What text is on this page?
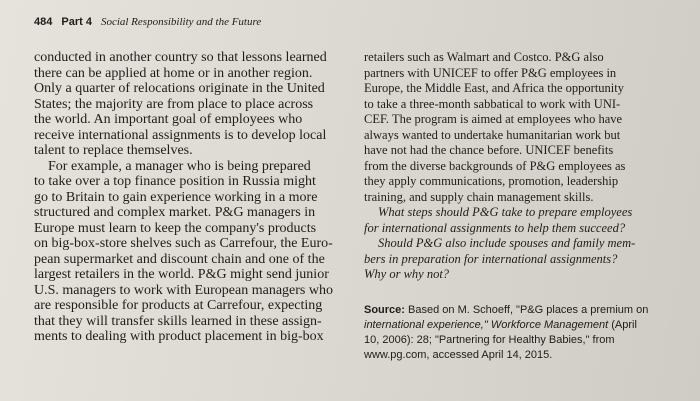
484 Part 4 Social Responsibility and the Future

conducted in another country so that lessons learned
there can be applied at home or in another region.
Only a quarter of relocations originate in the United
States; the majority are from place to place across
the world. An important goal of employees who
receive international assignments is to develop local
talent to replace themselves.

For example, a manager who is being prepared
to take over a top finance position in Russia might
go to Britain to gain experience working in a more
structured and complex market. P&G managers in
Europe must learn to keep the company's products
on big-box-store shelves such as Carrefour, the Euro-
pean supermarket and discount chain and one of the
largest retailers in the world. P&G might send junior
U.S. managers to work with European managers who
are responsible for products at Carrefour, expecting
that they will transfer skills learned in these assign-
ments to dealing with product placement in big-box

retailers such as Walmart and Costco. P&G also
partners with UNICEF to offer P&G employees in
Europe, the Middle East, and Africa the opportunity
to take a three-month sabbatical to work with UNI-
CEF. The program is aimed at employees who have
always wanted to undertake humanitarian work but
have not had the chance before. UNICEF benefits
from the diverse backgrounds of P&G employees as
they apply communications, promotion, leadership
training, and supply chain management skills.

What steps should P&G take to prepare employees
for international assignments to help them succeed?
Should P&G also include spouses and family mem-
bers in preparation for international assignments?
Why or why not?

Source: Based on M. Schoeff, "P&G places a premium on
international experience," Workforce Management (April
10, 2006): 28; "Partnering for Healthy Babies," from
www.pg.com, accessed April 14, 2015.
